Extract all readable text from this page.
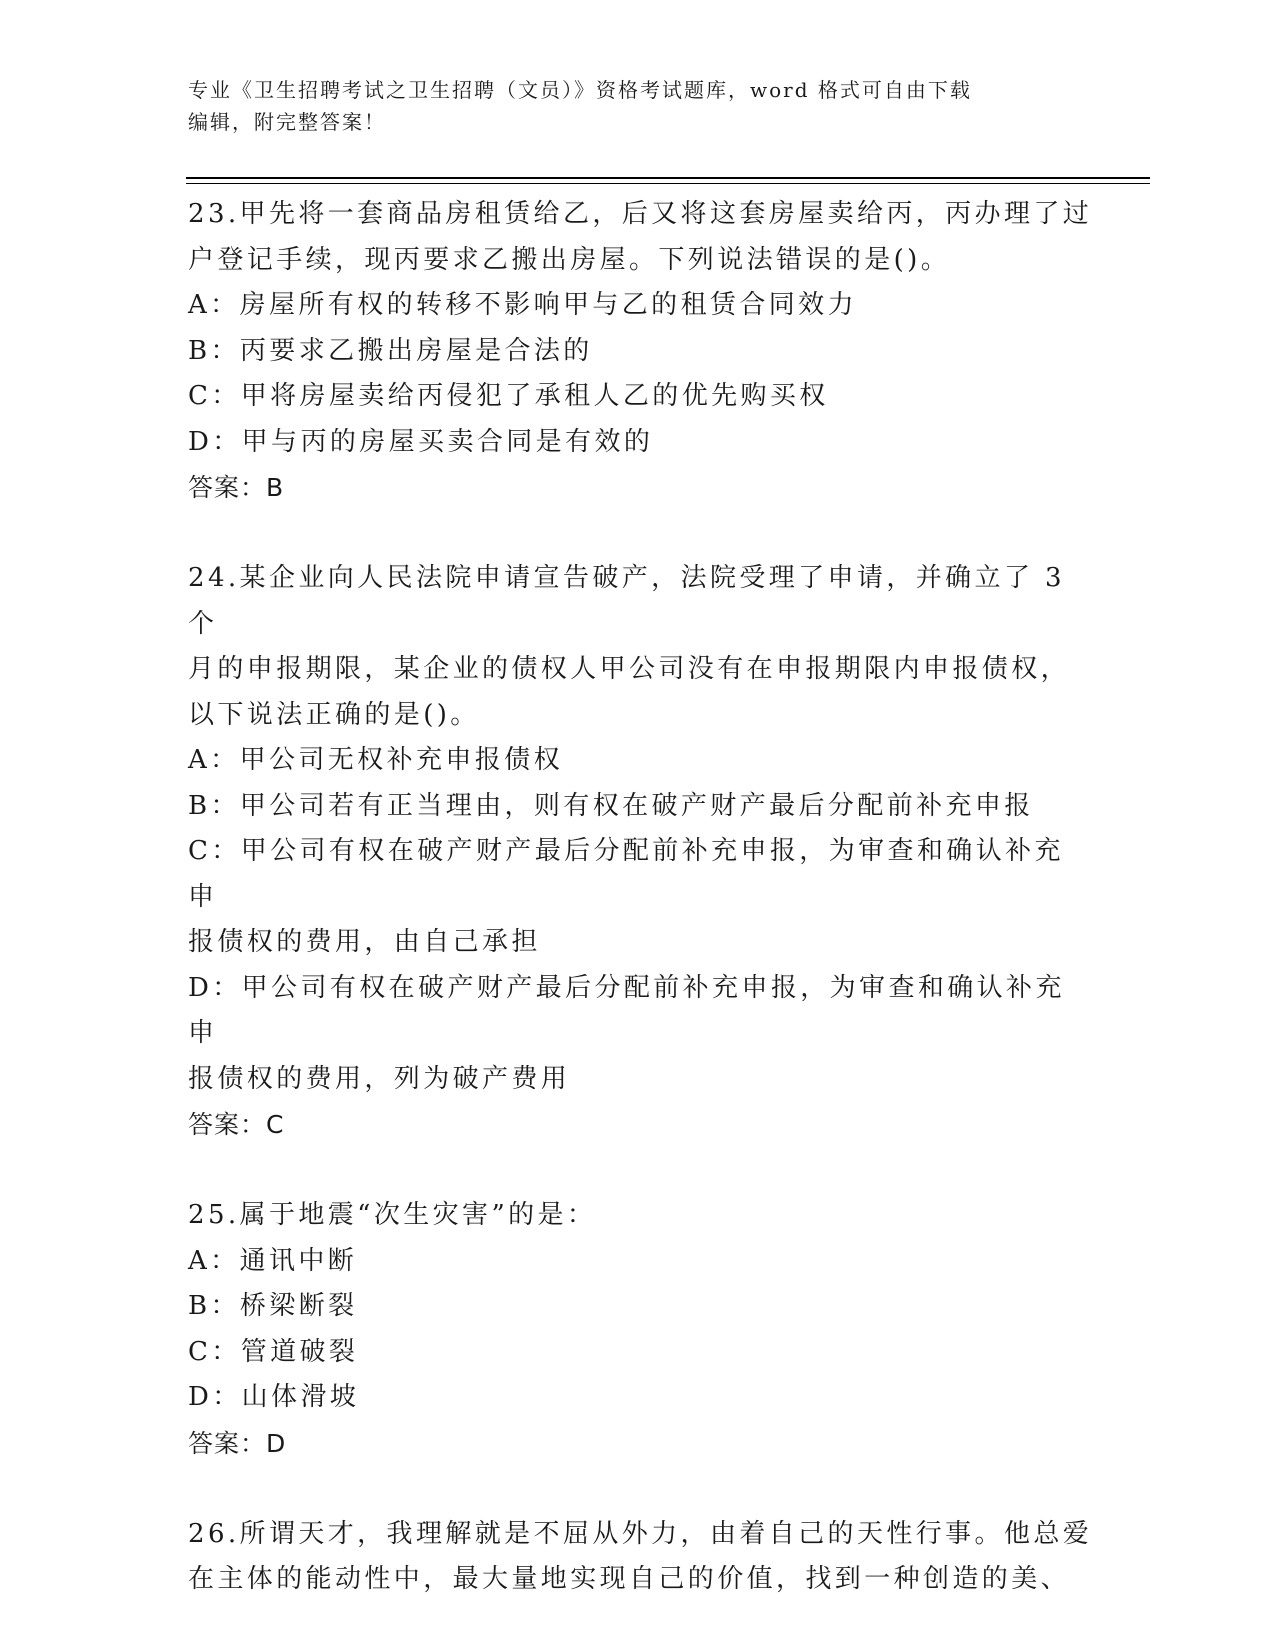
专业《卫生招聘考试之卫生招聘（文员）》资格考试题库，word 格式可自由下载
编辑，附完整答案！

23.甲先将一套商品房租赁给乙，后又将这套房屋卖给丙，丙办理了过

户登记手续，现丙要求乙搬出房屋。下列说法错误的是()。

A：房屋所有权的转移不影响甲与乙的租赁合同效力

B：丙要求乙搬出房屋是合法的

C：甲将房屋卖给丙侵犯了承租人乙的优先购买权

D：甲与丙的房屋买卖合同是有效的

答案：B

24.某企业向人民法院申请宣告破产，法院受理了申请，并确立了 3 个

月的申报期限，某企业的债权人甲公司没有在申报期限内申报债权，

以下说法正确的是()。

A：甲公司无权补充申报债权

B：甲公司若有正当理由，则有权在破产财产最后分配前补充申报

C：甲公司有权在破产财产最后分配前补充申报，为审查和确认补充申

报债权的费用，由自己承担

D：甲公司有权在破产财产最后分配前补充申报，为审查和确认补充申

报债权的费用，列为破产费用

答案：C

25.属于地震“次生灾害”的是：

A：通讯中断

B：桥梁断裂

C：管道破裂

D：山体滑坡

答案：D

26.所谓天才，我理解就是不屈从外力，由着自己的天性行事。他总爱

在主体的能动性中，最大量地实现自己的价值，找到一种创造的美、
